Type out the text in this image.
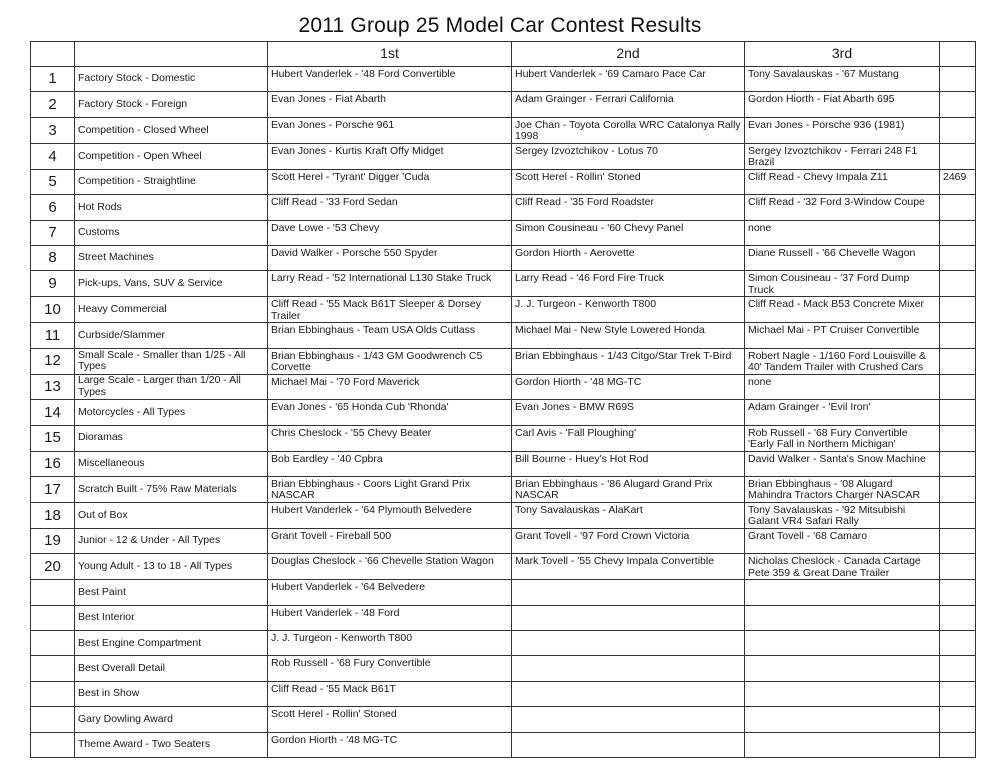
2011 Group 25 Model Car Contest Results
		1st	2nd	3rd	
1	Factory Stock - Domestic	Hubert Vanderlek - '48 Ford Convertible	Hubert Vanderlek - '69 Camaro Pace Car	Tony Savalauskas - '67 Mustang	
2	Factory Stock - Foreign	Evan Jones - Fiat Abarth	Adam Grainger - Ferrari California	Gordon Hiorth - Fiat Abarth 695	
3	Competition - Closed Wheel	Evan Jones - Porsche 961	Joe Chan - Toyota Corolla WRC Catalonya Rally 1998	Evan Jones - Porsche 936 (1981)	
4	Competition - Open Wheel	Evan Jones - Kurtis Kraft Offy Midget	Sergey Izvoztchikov - Lotus 70	Sergey Izvoztchikov - Ferrari 248 F1 Brazil	
5	Competition - Straightline	Scott Herel - 'Tyrant' Digger 'Cuda	Scott Herel - Rollin' Stoned	Cliff Read - Chevy Impala Z11	2469
6	Hot Rods	Cliff Read - '33 Ford Sedan	Cliff Read - '35 Ford Roadster	Cliff Read - '32 Ford 3-Window Coupe	
7	Customs	Dave Lowe - '53 Chevy	Simon Cousineau - '60 Chevy Panel	none	
8	Street Machines	David Walker - Porsche 550 Spyder	Gordon Hiorth - Aerovette	Diane Russell - '66 Chevelle Wagon	
9	Pick-ups, Vans, SUV & Service	Larry Read - '52 International L130 Stake Truck	Larry Read - '46 Ford Fire Truck	Simon Cousineau - '37 Ford Dump Truck	
10	Heavy Commercial	Cliff Read - '55 Mack B61T Sleeper & Dorsey Trailer	J. J. Turgeon - Kenworth T800	Cliff Read - Mack B53 Concrete Mixer	
11	Curbside/Slammer	Brian Ebbinghaus - Team USA Olds Cutlass	Michael Mai - New Style Lowered Honda	Michael Mai - PT Cruiser Convertible	
12	Small Scale - Smaller than 1/25 - All Types	Brian Ebbinghaus - 1/43 GM Goodwrench C5 Corvette	Brian Ebbinghaus - 1/43 Citgo/Star Trek T-Bird	Robert Nagle - 1/160 Ford Louisville & 40' Tandem Trailer with Crushed Cars	
13	Large Scale - Larger than 1/20 - All Types	Michael Mai - '70 Ford Maverick	Gordon Hiorth - '48 MG-TC	none	
14	Motorcycles - All Types	Evan Jones - '65 Honda Cub 'Rhonda'	Evan Jones - BMW R69S	Adam Grainger - 'Evil Iron'	
15	Dioramas	Chris Cheslock - '55 Chevy Beater	Carl Avis - 'Fall Ploughing'	Rob Russell - '68 Fury Convertible 'Early Fall in Northern Michigan'	
16	Miscellaneous	Bob Eardley - '40 Cpbra	Bill Bourne - Huey's Hot Rod	David Walker - Santa's Snow Machine	
17	Scratch Built - 75% Raw Materials	Brian Ebbinghaus - Coors Light Grand Prix NASCAR	Brian Ebbinghaus - '86 Alugard Grand Prix NASCAR	Brian Ebbinghaus - '08 Alugard Mahindra Tractors Charger NASCAR	
18	Out of Box	Hubert Vanderlek - '64 Plymouth Belvedere	Tony Savalauskas - AlaKart	Tony Savalauskas - '92 Mitsubishi Galant VR4 Safari Rally	
19	Junior - 12 & Under - All Types	Grant Tovell - Fireball 500	Grant Tovell - '97 Ford Crown Victoria	Grant Tovell - '68 Camaro	
20	Young Adult - 13 to 18 - All Types	Douglas Cheslock - '66 Chevelle Station Wagon	Mark Tovell - '55 Chevy Impala Convertible	Nicholas Cheslock - Canada Cartage Pete 359 & Great Dane Trailer	
	Best Paint	Hubert Vanderlek - '64 Belvedere			
	Best Interior	Hubert Vanderlek - '48 Ford			
	Best Engine Compartment	J. J. Turgeon - Kenworth T800			
	Best Overall Detail	Rob Russell - '68 Fury Convertible			
	Best in Show	Cliff Read - '55 Mack B61T			
	Gary Dowling Award	Scott Herel - Rollin' Stoned			
	Theme Award - Two Seaters	Gordon Hiorth - '48 MG-TC			
